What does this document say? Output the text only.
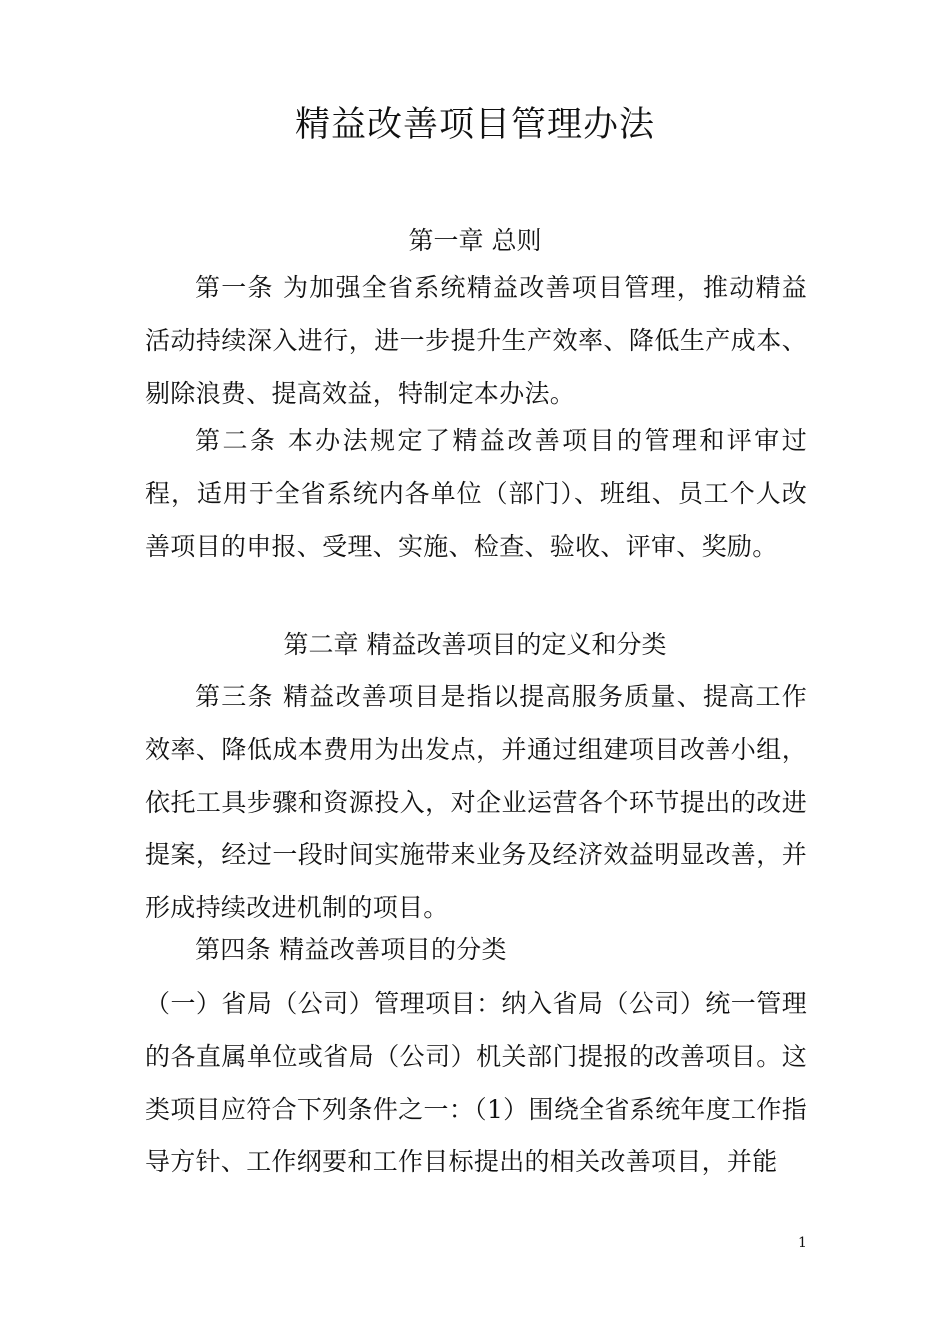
精益改善项目管理办法
第一章 总则

第一条 为加强全省系统精益改善项目管理，推动精益活动持续深入进行，进一步提升生产效率、降低生产成本、剔除浪费、提高效益，特制定本办法。

第二条 本办法规定了精益改善项目的管理和评审过程，适用于全省系统内各单位（部门）、班组、员工个人改善项目的申报、受理、实施、检查、验收、评审、奖励。

第二章 精益改善项目的定义和分类

第三条 精益改善项目是指以提高服务质量、提高工作效率、降低成本费用为出发点，并通过组建项目改善小组，依托工具步骤和资源投入，对企业运营各个环节提出的改进提案，经过一段时间实施带来业务及经济效益明显改善，并形成持续改进机制的项目。

第四条 精益改善项目的分类

（一）省局（公司）管理项目：纳入省局（公司）统一管理的各直属单位或省局（公司）机关部门提报的改善项目。这类项目应符合下列条件之一：（1）围绕全省系统年度工作指导方针、工作纲要和工作目标提出的相关改善项目，并能

1
